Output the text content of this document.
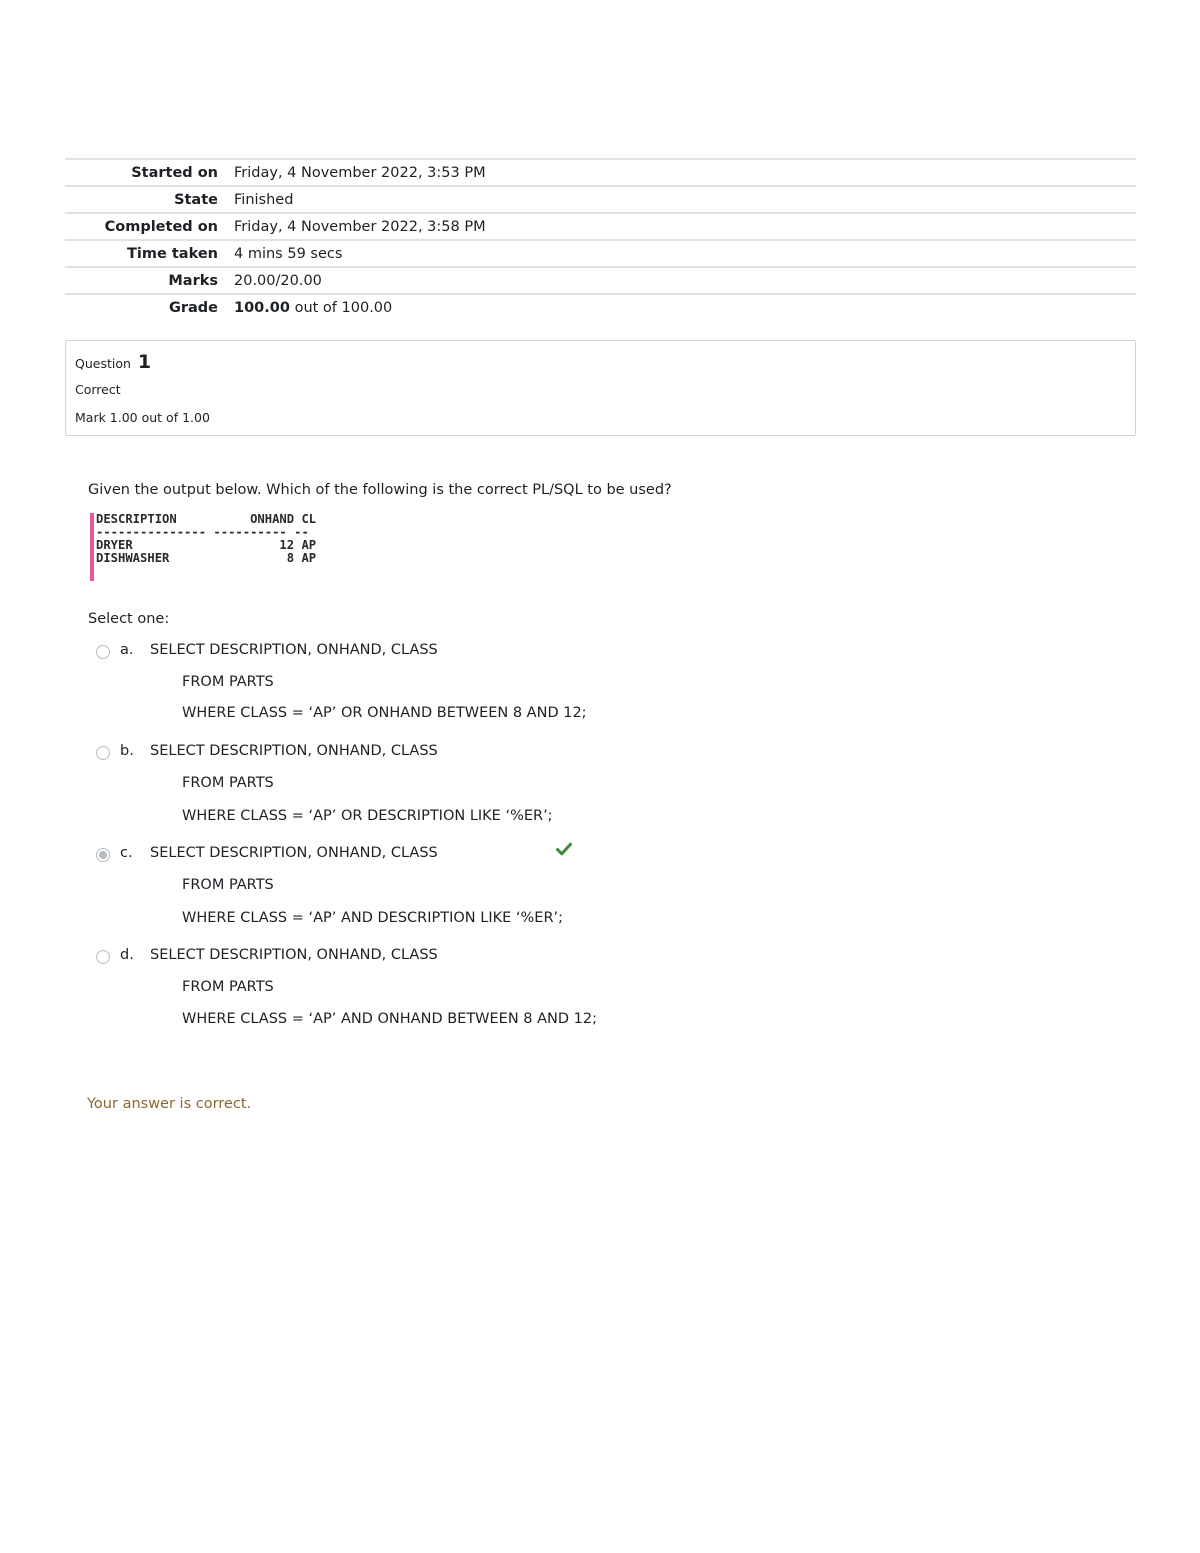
Started on	Friday, 4 November 2022, 3:53 PM
State	Finished
Completed on	Friday, 4 November 2022, 3:58 PM
Time taken	4 mins 59 secs
Marks	20.00/20.00
Grade	100.00 out of 100.00
Question 1
Correct
Mark 1.00 out of 1.00
Given the output below. Which of the following is the correct PL/SQL to be used?
DESCRIPTION          ONHAND CL
--------------- ---------- --
DRYER                    12 AP
DISHWASHER                8 AP
Select one:
a. SELECT DESCRIPTION, ONHAND, CLASS
FROM PARTS
WHERE CLASS = ‘AP’ OR ONHAND BETWEEN 8 AND 12;
b. SELECT DESCRIPTION, ONHAND, CLASS
FROM PARTS
WHERE CLASS = ‘AP’ OR DESCRIPTION LIKE ‘%ER’;
c. SELECT DESCRIPTION, ONHAND, CLASS
FROM PARTS
WHERE CLASS = ‘AP’ AND DESCRIPTION LIKE ‘%ER’;
d. SELECT DESCRIPTION, ONHAND, CLASS
FROM PARTS
WHERE CLASS = ‘AP’ AND ONHAND BETWEEN 8 AND 12;
Your answer is correct.
